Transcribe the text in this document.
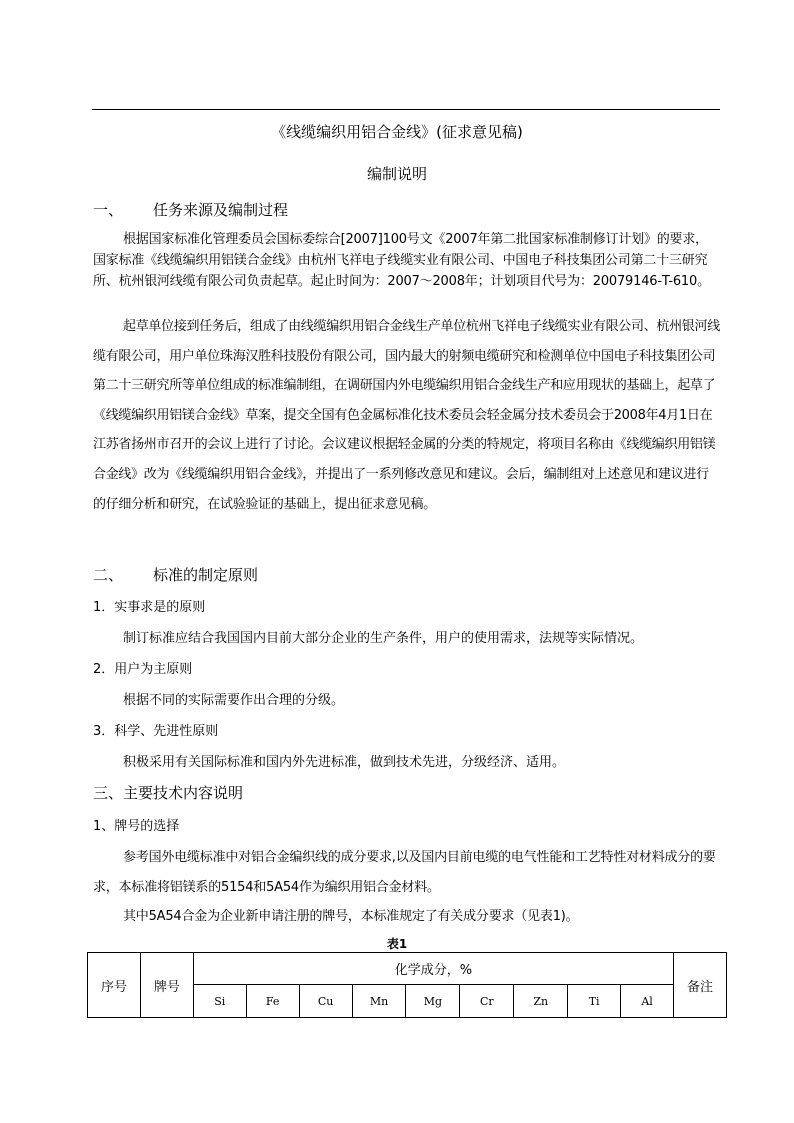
《线缆编织用铝合金线》(征求意见稿)
编制说明
一、 任务来源及编制过程

根据国家标准化管理委员会国标委综合[2007]100号文《2007年第二批国家标准制修订计划》的要求，国家标准《线缆编织用铝镁合金线》由杭州飞祥电子线缆实业有限公司、中国电子科技集团公司第二十三研究所、杭州银河线缆有限公司负责起草。起止时间为：2007～2008年；计划项目代号为：20079146-T-610。

起草单位接到任务后，组成了由线缆编织用铝合金线生产单位杭州飞祥电子线缆实业有限公司、杭州银河线缆有限公司，用户单位珠海汉胜科技股份有限公司，国内最大的射频电缆研究和检测单位中国电子科技集团公司第二十三研究所等单位组成的标准编制组，在调研国内外电缆编织用铝合金线生产和应用现状的基础上，起草了《线缆编织用铝镁合金线》草案，提交全国有色金属标准化技术委员会轻金属分技术委员会于2008年4月1日在江苏省扬州市召开的会议上进行了讨论。会议建议根据轻金属的分类的特规定，将项目名称由《线缆编织用铝镁合金线》改为《线缆编织用铝合金线》，并提出了一系列修改意见和建议。会后，编制组对上述意见和建议进行的仔细分析和研究，在试验验证的基础上，提出征求意见稿。

二、 标准的制定原则
1．实事求是的原则
制订标准应结合我国国内目前大部分企业的生产条件，用户的使用需求，法规等实际情况。
2．用户为主原则
根据不同的实际需要作出合理的分级。
3．科学、先进性原则
积极采用有关国际标准和国内外先进标准，做到技术先进，分级经济、适用。
三、主要技术内容说明
1、牌号的选择

参考国外电缆标准中对铝合金编织线的成分要求,以及国内目前电缆的电气性能和工艺特性对材料成分的要求，本标准将铝镁系的5154和5A54作为编织用铝合金材料。

其中5A54合金为企业新申请注册的牌号，本标准规定了有关成分要求（见表1)。

表1
序号	牌号	化学成分，%									备注
		Si	Fe	Cu	Mn	Mg	Cr	Zn	Ti	Al	
